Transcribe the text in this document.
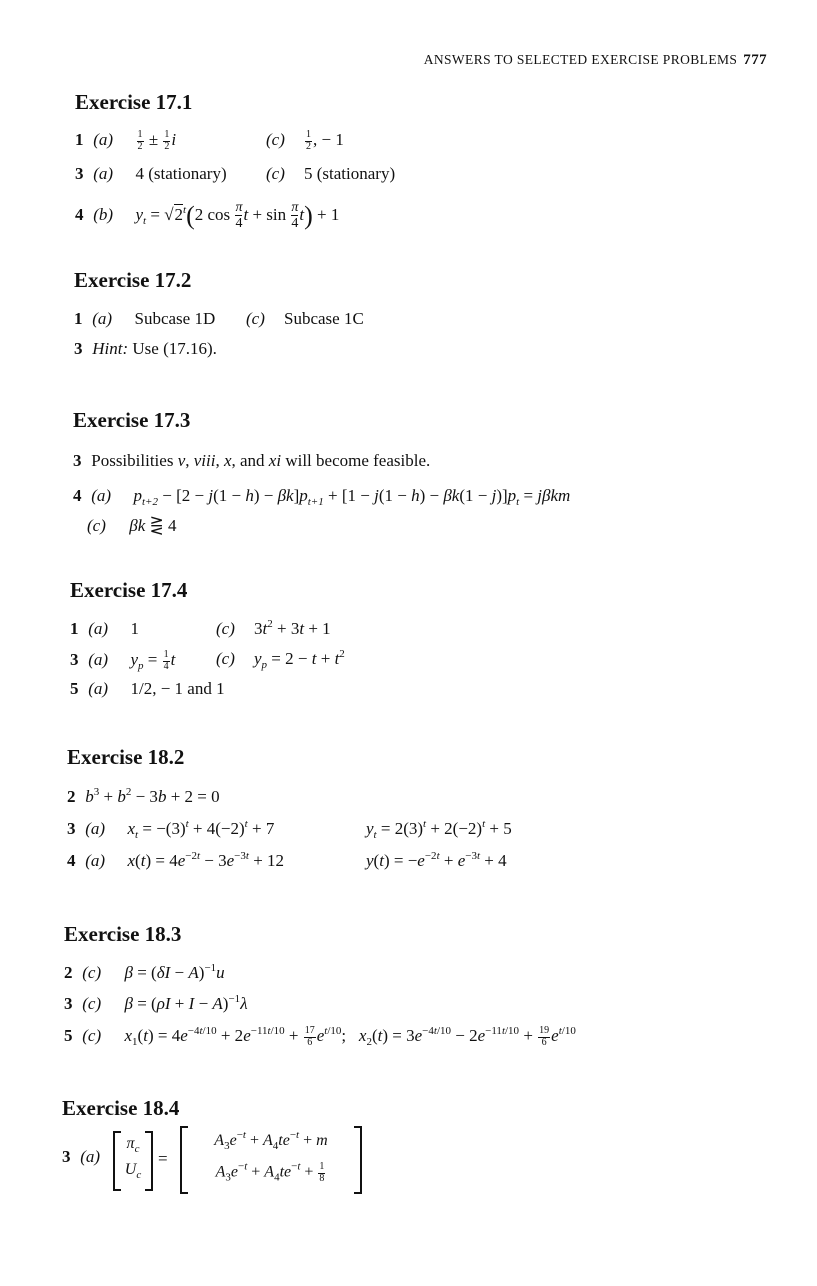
ANSWERS TO SELECTED EXERCISE PROBLEMS 777
Exercise 17.1
1 $(a) \frac{1}{2} \pm \frac{1}{2}$ i	$(c) \frac{1}{2}$ , − 1
3 (a) 4 (stationary) (c) 5 (stationary)
4 (b) $y_t = √2^t(2$ $\cos \frac{\pi}{4}$ $t + \sin \frac{\pi}{4} t) + 1$
Exercise 17.2
1 (a) Subcase 1D (c) Subcase 1C
3 Hint: Use (17.16).
Exercise 17.3
3 Possibilities v, viii, x, and xi will become feasible.
4 (a) $p_{t+2} - [2 - j(1 - h) - \beta k]p_{t+1} + [1 - j(1 - h) - \beta k(1 - j)]p_t = j\beta km$
(c) βk ⋛ 4
Exercise 17.4
1 (a) 1	(c) $3t^2 + 3t + 1$
3 (a) $y_p = \frac{1}{4}$ t (c) $y_p = 2 - t + t^2$
5 (a) 1/2, − 1 and 1
Exercise 18.2
2 $b^3 + b^2 - 3b + 2 = 0$
3 (a) $x_t = -(3)^t + 4(-2)^t + 7$	$y_t = 2(3)^t + 2(-2)^t + 5$
4 (a) $x(t) = 4e^{-2t} - 3e^{-3t} + 12$	$y(t) = -e^{-2t} + e^{-3t} + 4$
Exercise 18.3
2 (c) $\beta = (\delta I - A)^{-1}u$
3 (c) $\beta = (\rho I + I - A)^{-1}\lambda$
5 (c) $x_1(t) = 4e^{-4t/10} + 2e^{-11t/10} + \frac{17}{6} e^{t/10}$;   $x_2(t) = 3e^{-4t/10} - 2e^{-11t/10} + \frac{19}{6} e^{t/10}$
Exercise 18.4
3 (a)
$\pi_c$
$U_c$
=
$A_3e^{-t} + A_4te^{-t} + m$
$A_3e^{-t} + A_4te^{-t} + \frac{1}{8}$
